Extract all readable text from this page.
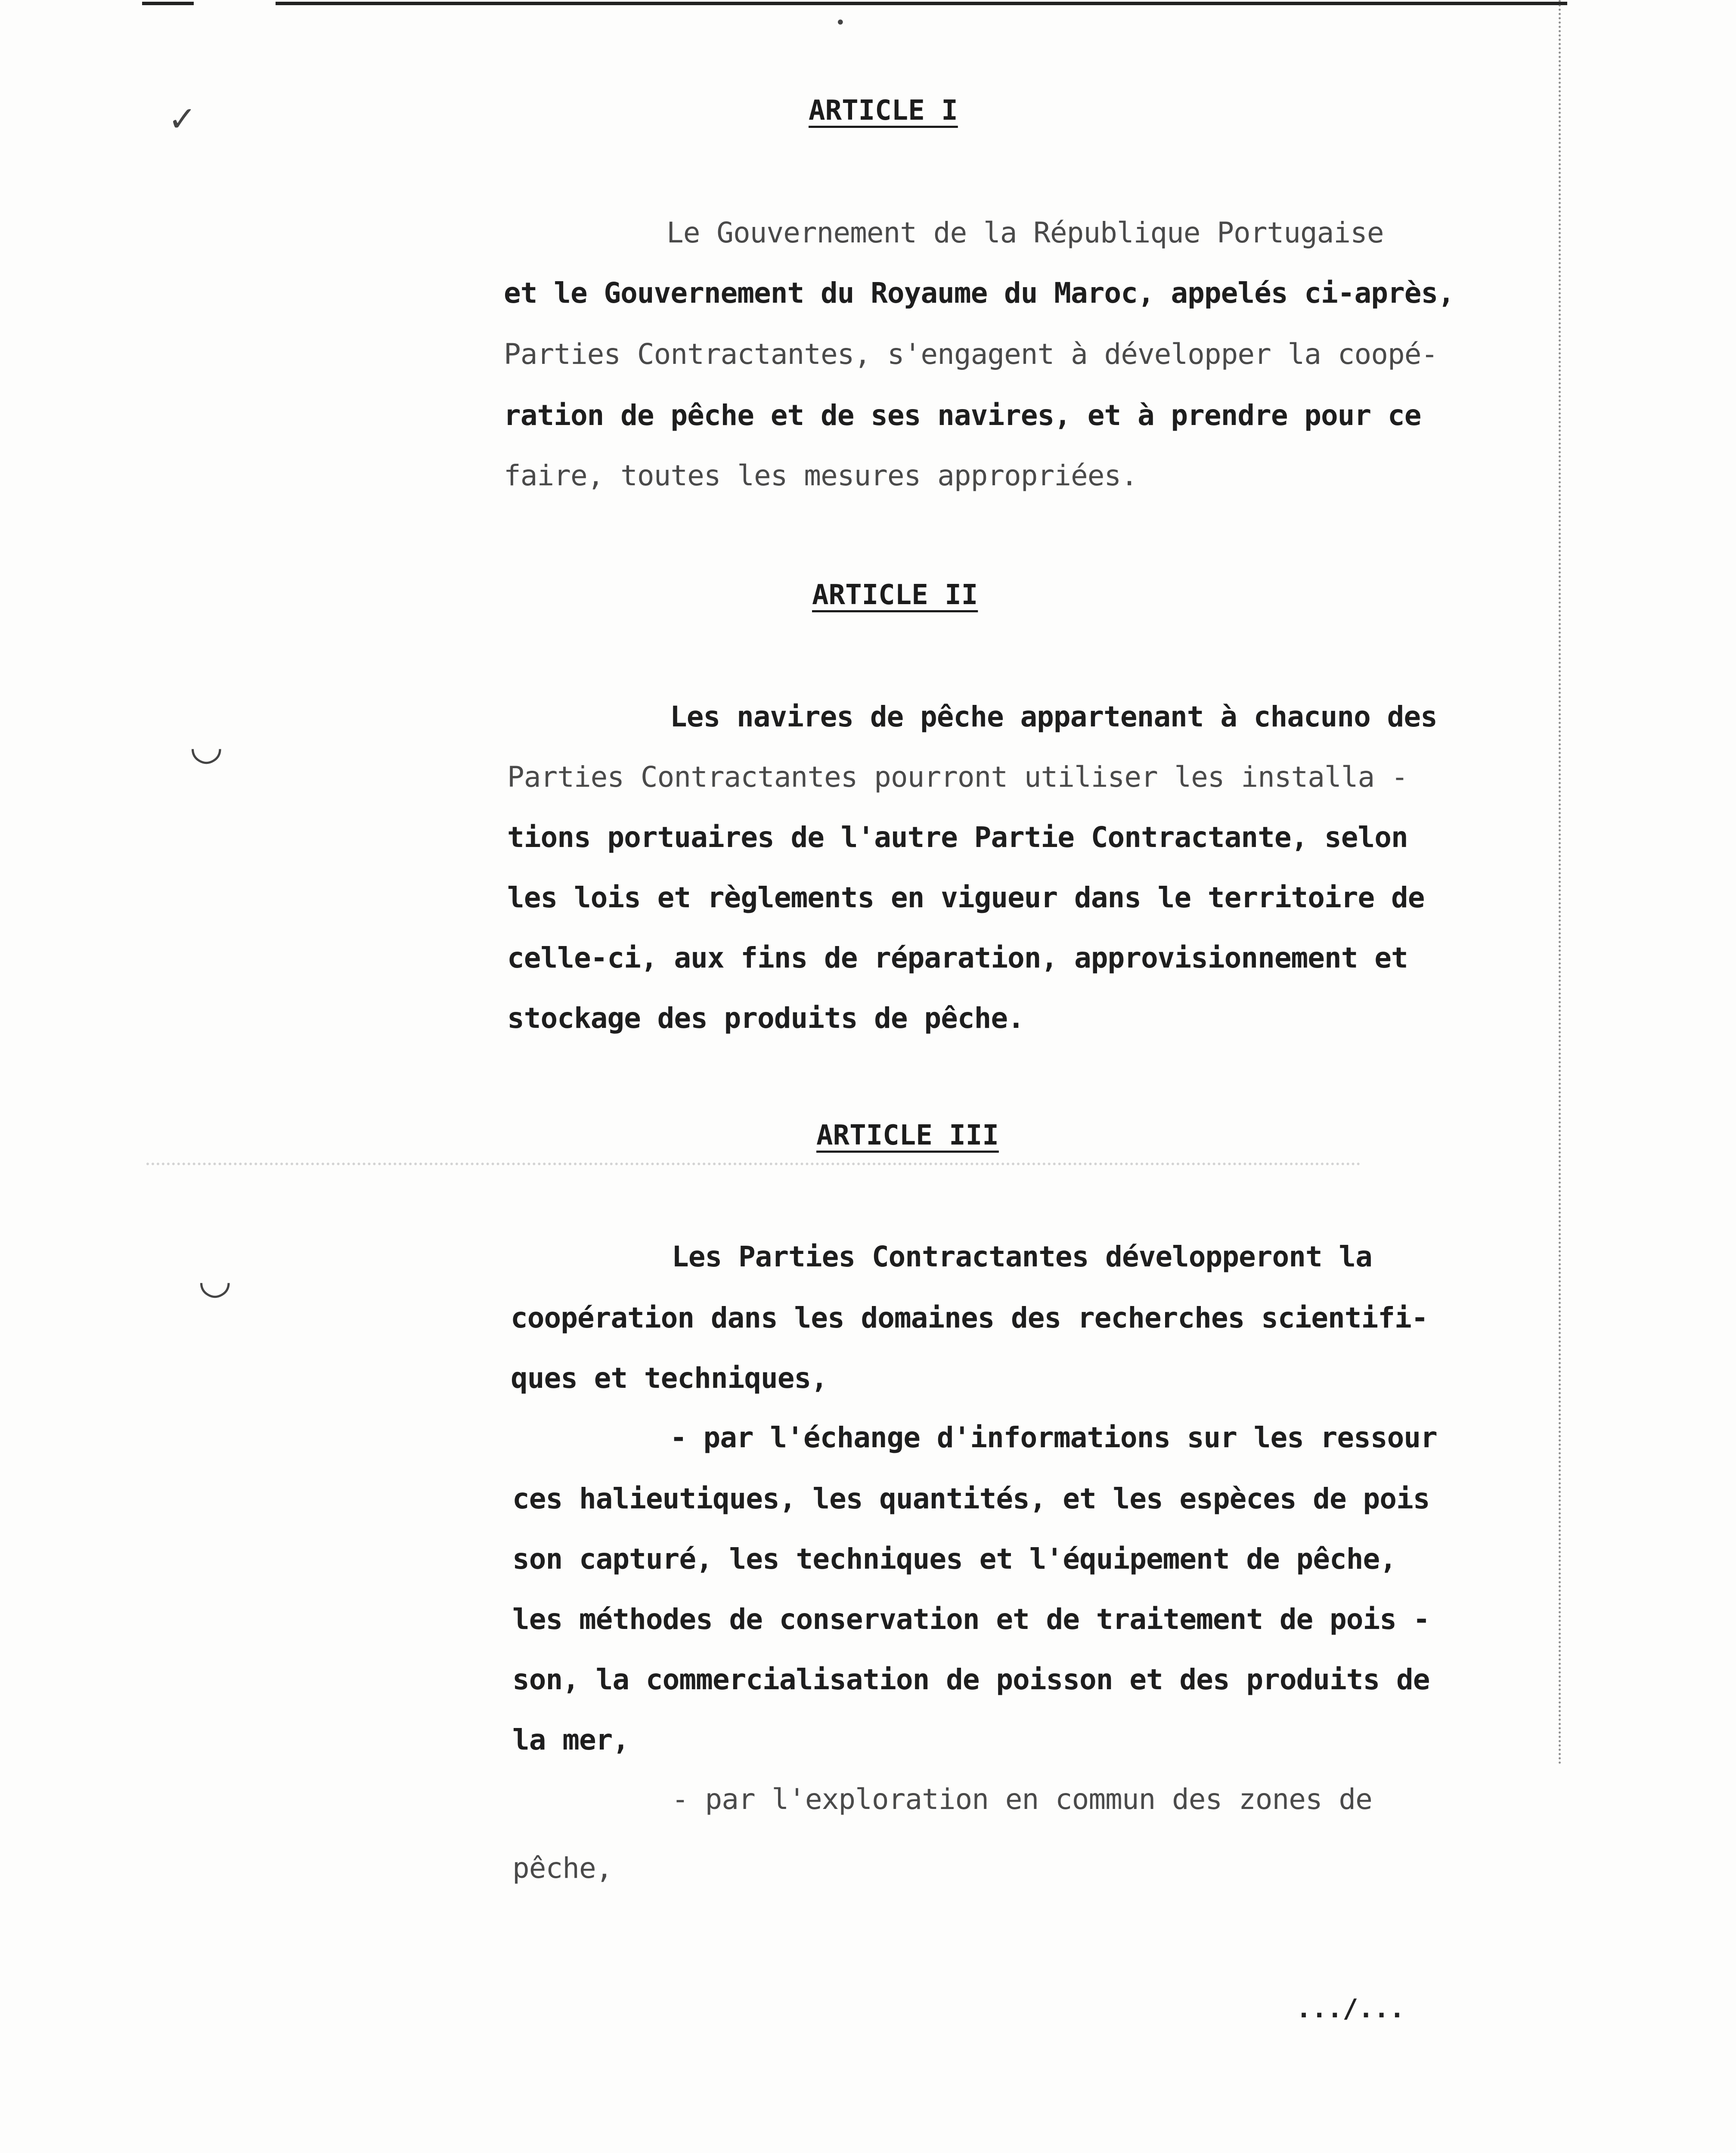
✓
◡
◡
•
ARTICLE I

Le Gouvernement de la République Portugaise

et le Gouvernement du Royaume du Maroc, appelés ci-après,

Parties Contractantes, s'engagent à développer la coopé-

ration de pêche et de ses navires, et à prendre pour ce

faire, toutes les mesures appropriées.

ARTICLE II

Les navires de pêche appartenant à chacuno des

Parties Contractantes pourront utiliser les installa -

tions portuaires de l'autre Partie Contractante, selon

les lois et règlements en vigueur dans le territoire de

celle-ci, aux fins de réparation, approvisionnement et

stockage des produits de pêche.

ARTICLE III

Les Parties Contractantes développeront la

coopération dans les domaines des recherches scientifi-

ques et techniques,

- par l'échange d'informations sur les ressour

ces halieutiques, les quantités, et les espèces de pois

son capturé, les techniques et l'équipement de pêche,

les méthodes de conservation et de traitement de pois -

son, la commercialisation de poisson et des produits de

la mer,

- par l'exploration en commun des zones de

pêche,

.../...
